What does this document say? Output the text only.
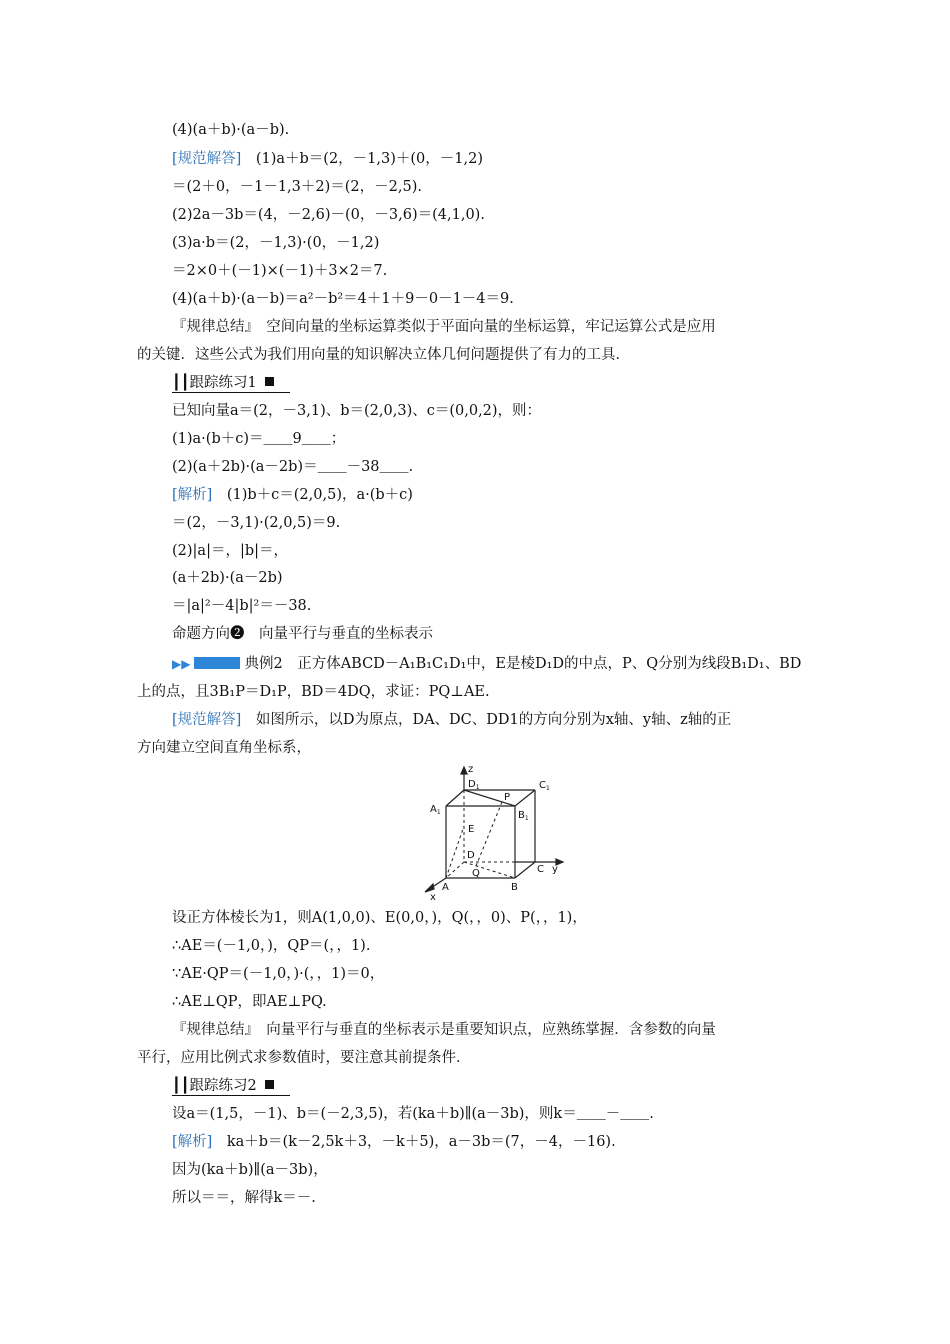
(4)(a＋b)·(a－b).
[规范解答]　(1)a＋b＝(2，－1,3)＋(0，－1,2)
＝(2＋0，－1－1,3＋2)＝(2，－2,5).
(2)2a－3b＝(4，－2,6)－(0，－3,6)＝(4,1,0).
(3)a·b＝(2，－1,3)·(0，－1,2)
＝2×0＋(－1)×(－1)＋3×2＝7.
(4)(a＋b)·(a－b)＝a²－b²＝4＋1＋9－0－1－4＝9.
『规律总结』　空间向量的坐标运算类似于平面向量的坐标运算，牢记运算公式是应用
的关键．这些公式为我们用向量的知识解决立体几何问题提供了有力的工具．
┃┃跟踪练习1
已知向量a＝(2，－3,1)、b＝(2,0,3)、c＝(0,0,2)，则：
(1)a·(b＋c)＝＿＿9＿＿；
(2)(a＋2b)·(a－2b)＝＿＿－38＿＿.
[解析]　(1)b＋c＝(2,0,5)，a·(b＋c)
＝(2，－3,1)·(2,0,5)＝9.
(2)|a|＝，|b|＝，
(a＋2b)·(a－2b)
＝|a|²－4|b|²＝－38.
命题方向❷　向量平行与垂直的坐标表示
▶▶	典例2　正方体ABCD－A₁B₁C₁D₁中，E是棱D₁D的中点，P、Q分别为线段B₁D₁、BD
上的点，且3B₁P＝D₁P，BD＝4DQ，求证：PQ⊥AE.
[规范解答]　如图所示，以D为原点，DA、DC、DD1的方向分别为x轴、y轴、z轴的正
方向建立空间直角坐标系，
z
y
x
A	B
C
D
$A_1$	$B_1$
$C_1$
$D_1$
E
P
Q
设正方体棱长为1，则A(1,0,0)、E(0,0，)，Q(，，0)、P(，，1)，
∴AE＝(－1,0，)，QP＝(，，1).
∵AE·QP＝(－1,0，)·(，，1)＝0，
∴AE⊥QP，即AE⊥PQ.
『规律总结』　向量平行与垂直的坐标表示是重要知识点，应熟练掌握．含参数的向量
平行，应用比例式求参数值时，要注意其前提条件．
┃┃跟踪练习2
设a＝(1,5，－1)、b＝(－2,3,5)，若(ka＋b)∥(a－3b)，则k＝＿＿－＿＿.
[解析]　ka＋b＝(k－2,5k＋3，－k＋5)，a－3b＝(7，－4，－16).
因为(ka＋b)∥(a－3b)，
所以＝＝，解得k＝－.
